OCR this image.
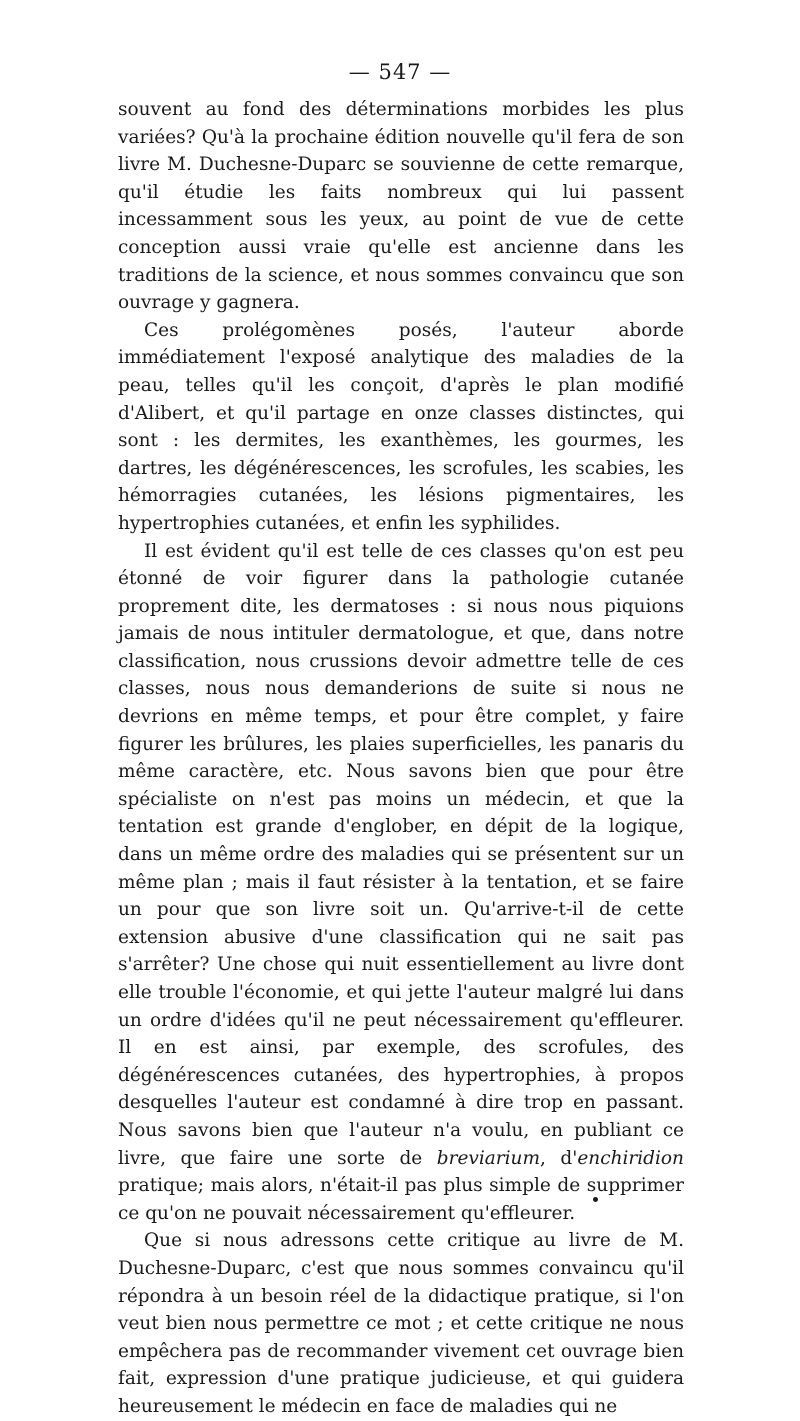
— 547 —

souvent au fond des déterminations morbides les plus variées? Qu'à la prochaine édition nouvelle qu'il fera de son livre M. Duchesne-Duparc se souvienne de cette remarque, qu'il étudie les faits nombreux qui lui passent incessamment sous les yeux, au point de vue de cette conception aussi vraie qu'elle est ancienne dans les traditions de la science, et nous sommes convaincu que son ouvrage y gagnera.

Ces prolégomènes posés, l'auteur aborde immédiatement l'exposé analytique des maladies de la peau, telles qu'il les conçoit, d'après le plan modifié d'Alibert, et qu'il partage en onze classes distinctes, qui sont : les dermites, les exanthèmes, les gourmes, les dartres, les dégénérescences, les scrofules, les scabies, les hémorragies cutanées, les lésions pigmentaires, les hypertrophies cutanées, et enfin les syphilides.

Il est évident qu'il est telle de ces classes qu'on est peu étonné de voir figurer dans la pathologie cutanée proprement dite, les dermatoses : si nous nous piquions jamais de nous intituler dermatologue, et que, dans notre classification, nous crussions devoir admettre telle de ces classes, nous nous demanderions de suite si nous ne devrions en même temps, et pour être complet, y faire figurer les brûlures, les plaies superficielles, les panaris du même caractère, etc. Nous savons bien que pour être spécialiste on n'est pas moins un médecin, et que la tentation est grande d'englober, en dépit de la logique, dans un même ordre des maladies qui se présentent sur un même plan ; mais il faut résister à la tentation, et se faire un pour que son livre soit un. Qu'arrive-t-il de cette extension abusive d'une classification qui ne sait pas s'arrêter? Une chose qui nuit essentiellement au livre dont elle trouble l'économie, et qui jette l'auteur malgré lui dans un ordre d'idées qu'il ne peut nécessairement qu'effleurer. Il en est ainsi, par exemple, des scrofules, des dégénérescences cutanées, des hypertrophies, à propos desquelles l'auteur est condamné à dire trop en passant. Nous savons bien que l'auteur n'a voulu, en publiant ce livre, que faire une sorte de breviarium, d'enchiridion pratique; mais alors, n'était-il pas plus simple de supprimer ce qu'on ne pouvait nécessairement qu'effleurer.

Que si nous adressons cette critique au livre de M. Duchesne-Duparc, c'est que nous sommes convaincu qu'il répondra à un besoin réel de la didactique pratique, si l'on veut bien nous permettre ce mot ; et cette critique ne nous empêchera pas de recommander vivement cet ouvrage bien fait, expression d'une pratique judicieuse, et qui guidera heureusement le médecin en face de maladies qui ne
